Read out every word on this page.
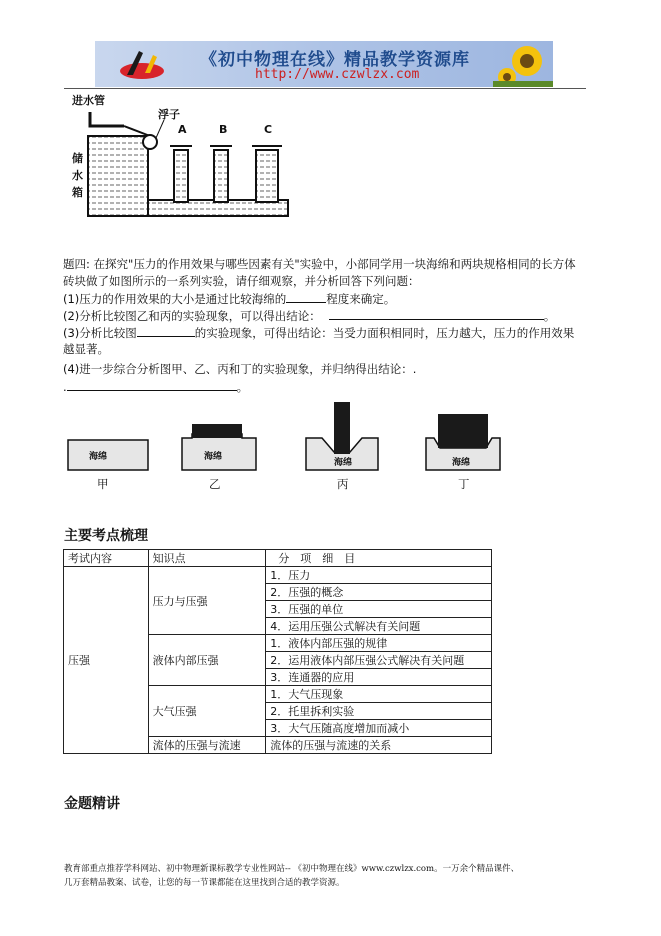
《初中物理在线》精品教学资源库
http://www.czwlzx.com
进水管
浮子
储
水
箱
A	B	C
题四: 在探究"压力的作用效果与哪些因素有关"实验中，小部同学用一块海绵和两块规格相同的长方体
砖块做了如图所示的一系列实验，请仔细观察，并分析回答下列问题：
(1)压力的作用效果的大小是通过比较海绵的	程度来确定。
(2)分析比较图乙和丙的实验现象，可以得出结论：	。
(3)分析比较图	的实验现象，可得出结论：当受力面积相同时，压力越大，压力的作用效果
越显著。
(4)进一步综合分析图甲、乙、丙和丁的实验现象，并归纳得出结论：.
.	。
海绵	海绵
海绵	海绵
甲	乙	丙	丁
主要考点梳理
考试内容	知识点	分　项　细　目
压强	压力与压强	1．压力
		2．压强的概念
		3．压强的单位
		4．运用压强公式解决有关问题
	液体内部压强	1．液体内部压强的规律
		2．运用液体内部压强公式解决有关问题
		3．连通器的应用
	大气压强	1．大气压现象
		2．托里拆利实验
		3．大气压随高度增加而减小
	流体的压强与流速	流体的压强与流速的关系
金题精讲
教育部重点推荐学科网站、初中物理新课标教学专业性网站-- 《初中物理在线》www.czwlzx.com。一万余个精品课件、
几万套精品教案、试卷，让您的每一节课都能在这里找到合适的教学资源。
